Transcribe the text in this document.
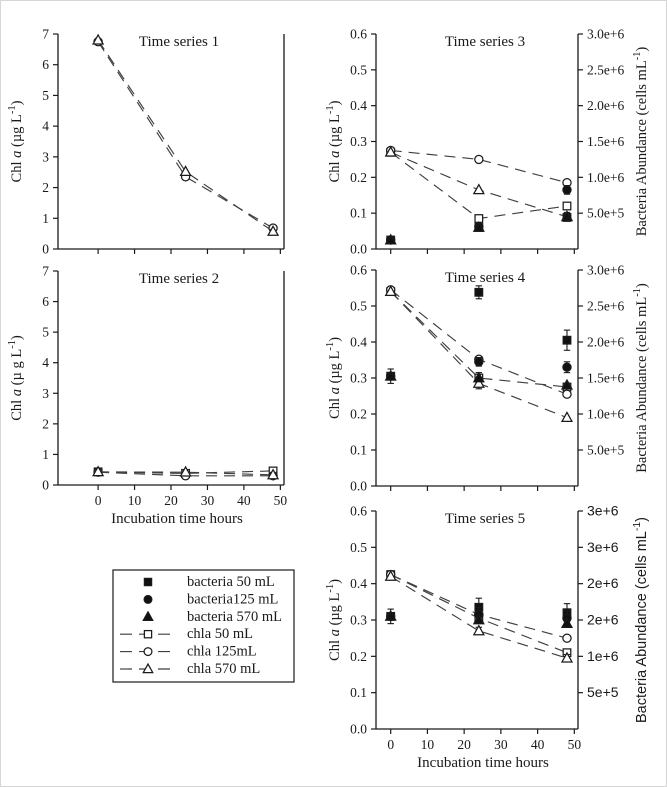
0
1
2
3
4
5
6
7
Chl a (µg $L^{-1}$)
Time series 1
0
1
2
3
4
5
6
7
0 10 20 30 40 50
Incubation time hours
Chl a (µ g $L^{-1}$)
Time series 2
0.0
0.1
0.2
0.3
0.4
0.5
0.6
5.0e+5
1.0e+6
1.5e+6
2.0e+6
2.5e+6
3.0e+6
Bacteria Abundance (cells $mL^{-1}$)
Chl a (µg $L^{-1}$)
Time series 3
0.0
0.1
0.2
0.3
0.4
0.5
0.6
5.0e+5
1.0e+6
1.5e+6
2.0e+6
2.5e+6
3.0e+6
Bacteria Abundance (cells $mL^{-1}$)
Chl a (µg $L^{-1}$)
Time series 4
0.0
0.1
0.2
0.3
0.4
0.5
0.6
5e+5
1e+6
2e+6
2e+6
3e+6
3e+6
Bacteria Abundance (cells $mL^{-1}$)
0 10 20 30 40 50
Incubation time hours
Chl a (µg $L^{-1}$)
Time series 5
bacteria 50 mL
bacteria125 mL
bacteria 570 mL
chla 50 mL
chla 125mL
chla 570 mL
